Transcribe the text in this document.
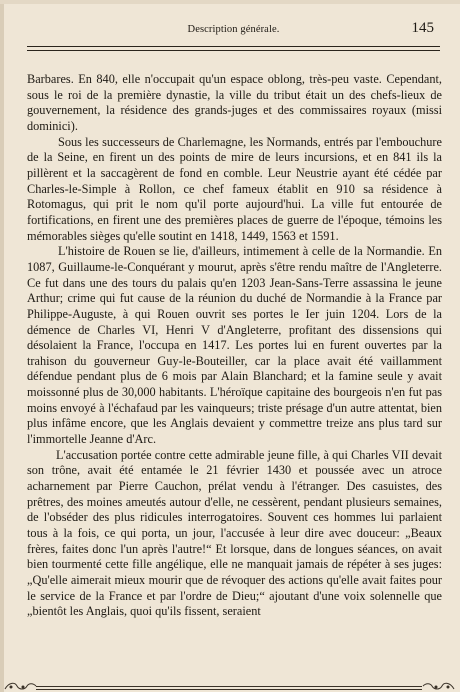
Description générale.	145

Barbares. En 840, elle n'occupait qu'un espace oblong, très-peu vaste. Cependant, sous le roi de la première dynastie, la ville du tribut était un des chefs-lieux de gouvernement, la résidence des grands-juges et des commissaires royaux (missi dominici).

Sous les successeurs de Charlemagne, les Normands, entrés par l'embouchure de la Seine, en firent un des points de mire de leurs incursions, et en 841 ils la pillèrent et la saccagèrent de fond en comble. Leur Neustrie ayant été cédée par Charles-le-Simple à Rollon, ce chef fameux établit en 910 sa résidence à Rotomagus, qui prit le nom qu'il porte aujourd'hui. La ville fut entourée de fortifications, en firent une des premières places de guerre de l'époque, témoins les mémorables sièges qu'elle soutint en 1418, 1449, 1563 et 1591.

L'histoire de Rouen se lie, d'ailleurs, intimement à celle de la Normandie. En 1087, Guillaume-le-Conquérant y mourut, après s'être rendu maître de l'Angleterre. Ce fut dans une des tours du palais qu'en 1203 Jean-Sans-Terre assassina le jeune Arthur; crime qui fut cause de la réunion du duché de Normandie à la France par Philippe-Auguste, à qui Rouen ouvrit ses portes le Ier juin 1204. Lors de la démence de Charles VI, Henri V d'Angleterre, profitant des dissensions qui désolaient la France, l'occupa en 1417. Les portes lui en furent ouvertes par la trahison du gouverneur Guy-le-Bouteiller, car la place avait été vaillamment défendue pendant plus de 6 mois par Alain Blanchard; et la famine seule y avait moissonné plus de 30,000 habitants. L'héroïque capitaine des bourgeois n'en fut pas moins envoyé à l'échafaud par les vainqueurs; triste présage d'un autre attentat, bien plus infâme encore, que les Anglais devaient y commettre treize ans plus tard sur l'immortelle Jeanne d'Arc.

L'accusation portée contre cette admirable jeune fille, à qui Charles VII devait son trône, avait été entamée le 21 février 1430 et poussée avec un atroce acharnement par Pierre Cauchon, prélat vendu à l'étranger. Des casuistes, des prêtres, des moines ameutés autour d'elle, ne cessèrent, pendant plusieurs semaines, de l'obséder des plus ridicules interrogatoires. Souvent ces hommes lui parlaient tous à la fois, ce qui porta, un jour, l'accusée à leur dire avec douceur: „Beaux frères, faites donc l'un après l'autre!“ Et lorsque, dans de longues séances, on avait bien tourmenté cette fille angélique, elle ne manquait jamais de répéter à ses juges: „Qu'elle aimerait mieux mourir que de révoquer des actions qu'elle avait faites pour le service de la France et par l'ordre de Dieu;“ ajoutant d'une voix solennelle que „bientôt les Anglais, quoi qu'ils fissent, seraient
